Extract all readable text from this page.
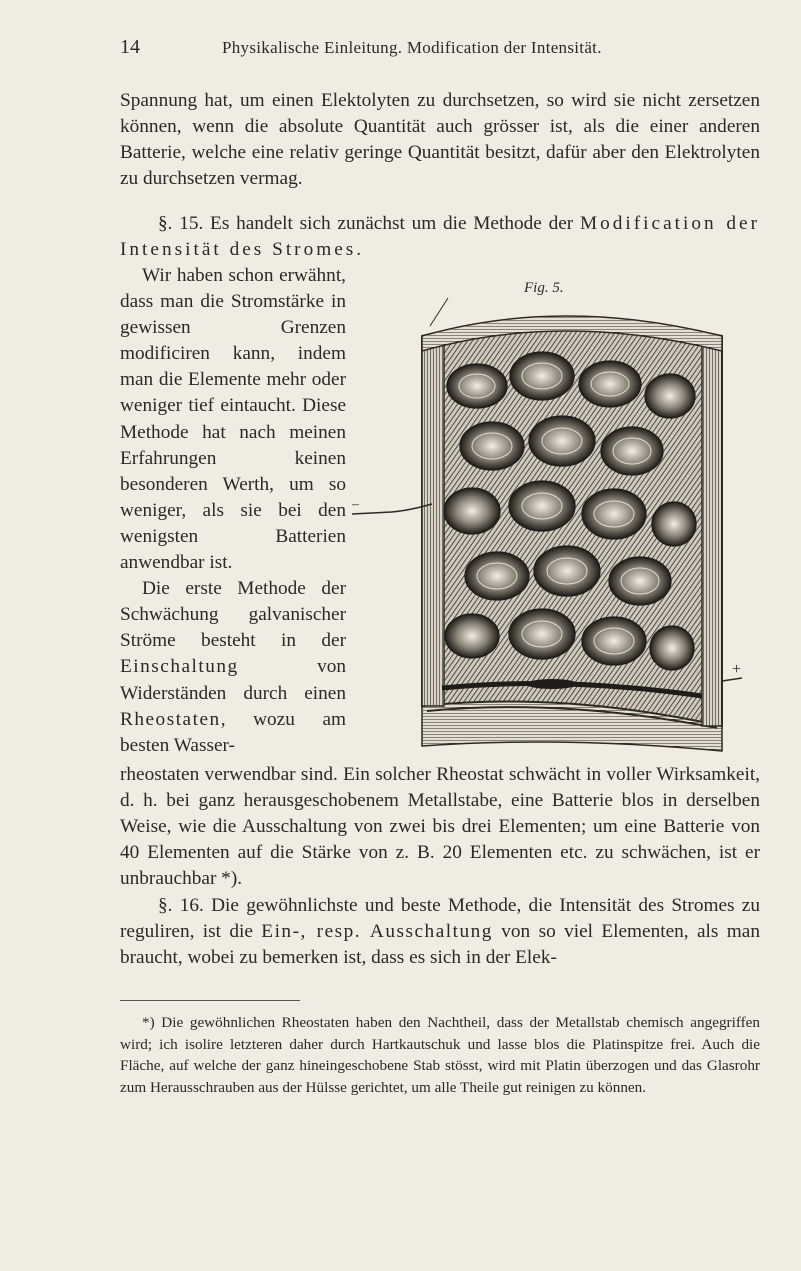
14	Physikalische Einleitung. Modification der Intensität.

Spannung hat, um einen Elektolyten zu durchsetzen, so wird sie nicht zersetzen können, wenn die absolute Quantität auch grösser ist, als die einer anderen Batterie, welche eine relativ geringe Quantität besitzt, dafür aber den Elektrolyten zu durchsetzen vermag.

§. 15. Es handelt sich zunächst um die Methode der Modification der Intensität des Stromes.

Wir haben schon erwähnt, dass man die Stromstärke in gewissen Grenzen modificiren kann, indem man die Elemente mehr oder weniger tief eintaucht. Diese Methode hat nach meinen Erfahrungen keinen besonderen Werth, um so weniger, als sie bei den wenigsten Batterien anwendbar ist.

Die erste Methode der Schwächung galvanischer Ströme besteht in der Einschaltung von Widerständen durch einen Rheostaten, wozu am besten Wasser-

Fig. 5.
–
+

rheostaten verwendbar sind. Ein solcher Rheostat schwächt in voller Wirksamkeit, d. h. bei ganz herausgeschobenem Metallstabe, eine Batterie blos in derselben Weise, wie die Ausschaltung von zwei bis drei Elementen; um eine Batterie von 40 Elementen auf die Stärke von z. B. 20 Elementen etc. zu schwächen, ist er unbrauchbar *).

§. 16. Die gewöhnlichste und beste Methode, die Intensität des Stromes zu reguliren, ist die Ein-, resp. Ausschaltung von so viel Elementen, als man braucht, wobei zu bemerken ist, dass es sich in der Elek-

*) Die gewöhnlichen Rheostaten haben den Nachtheil, dass der Metallstab chemisch angegriffen wird; ich isolire letzteren daher durch Hartkautschuk und lasse blos die Platinspitze frei. Auch die Fläche, auf welche der ganz hineingeschobene Stab stösst, wird mit Platin überzogen und das Glasrohr zum Herausschrauben aus der Hülsse gerichtet, um alle Theile gut reinigen zu können.
